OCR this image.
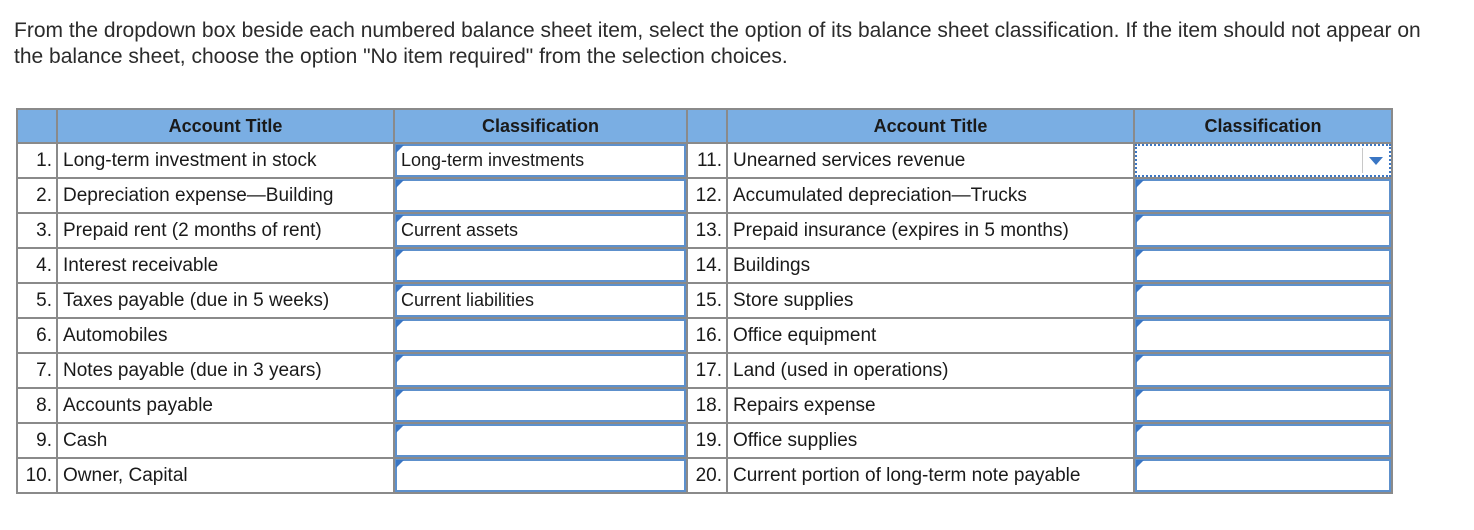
From the dropdown box beside each numbered balance sheet item, select the option of its balance sheet classification. If the item should not appear on the balance sheet, choose the option "No item required" from the selection choices.

	Account Title	Classification		Account Title	Classification
1.	Long-term investment in stock	Long-term investments	11.	Unearned services revenue	

2.	Depreciation expense—Building		12.	Accumulated depreciation—Trucks	

3.	Prepaid rent (2 months of rent)	Current assets	13.	Prepaid insurance (expires in 5 months)	

4.	Interest receivable		14.	Buildings	

5.	Taxes payable (due in 5 weeks)	Current liabilities	15.	Store supplies	

6.	Automobiles		16.	Office equipment	

7.	Notes payable (due in 3 years)		17.	Land (used in operations)	

8.	Accounts payable		18.	Repairs expense	

9.	Cash		19.	Office supplies	

10.	Owner, Capital		20.	Current portion of long-term note payable	
